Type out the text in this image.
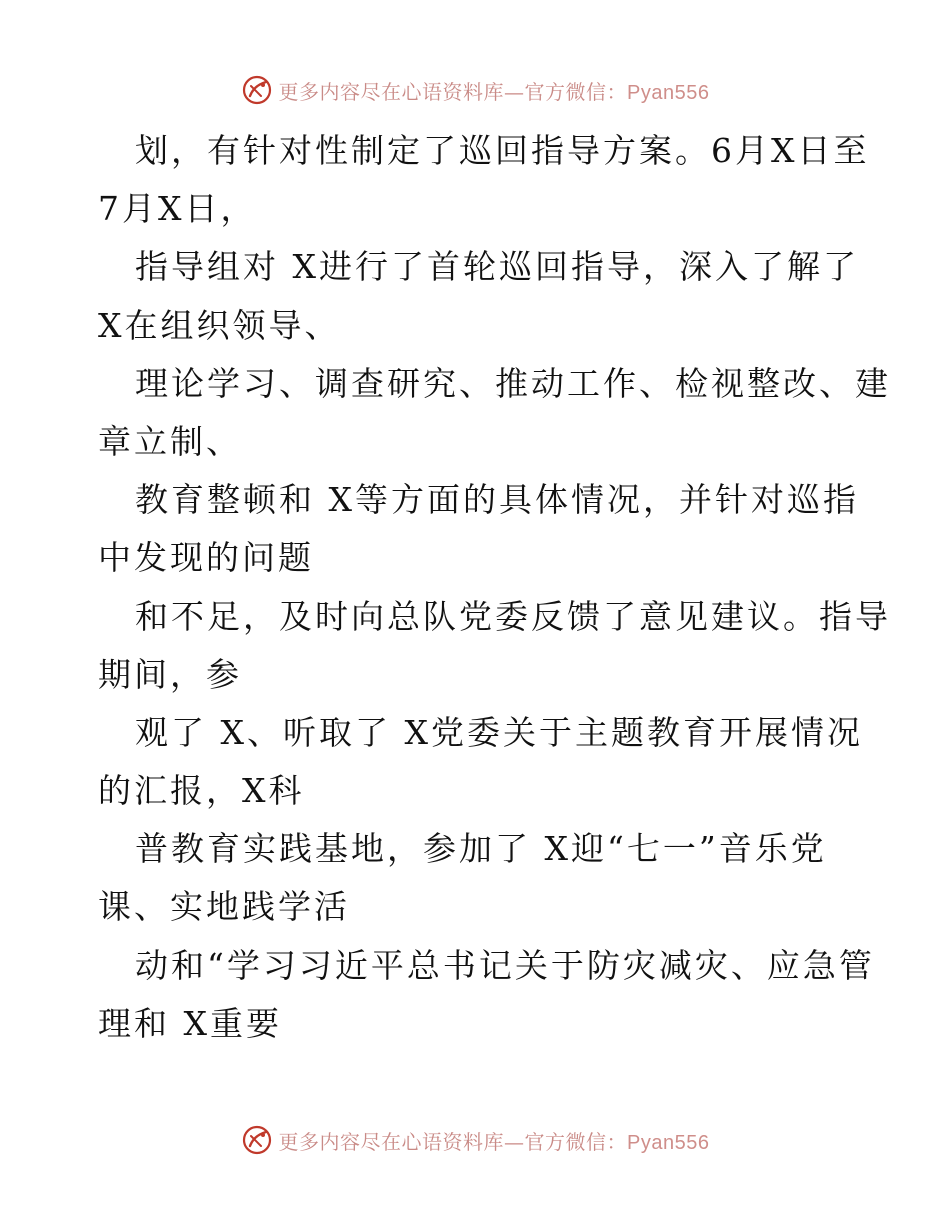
更多内容尽在心语资料库—官方微信：Pyan556
划，有针对性制定了巡回指导方案。6月X日至
7月X日，
指导组对 X进行了首轮巡回指导，深入了解了
X在组织领导、
理论学习、调查研究、推动工作、检视整改、建
章立制、
教育整顿和 X等方面的具体情况，并针对巡指
中发现的问题
和不足，及时向总队党委反馈了意见建议。指导
期间，参
观了 X、听取了 X党委关于主题教育开展情况
的汇报，X科
普教育实践基地，参加了 X迎“七一”音乐党
课、实地践学活
动和“学习习近平总书记关于防灾减灾、应急管
理和 X重要
更多内容尽在心语资料库—官方微信：Pyan556
